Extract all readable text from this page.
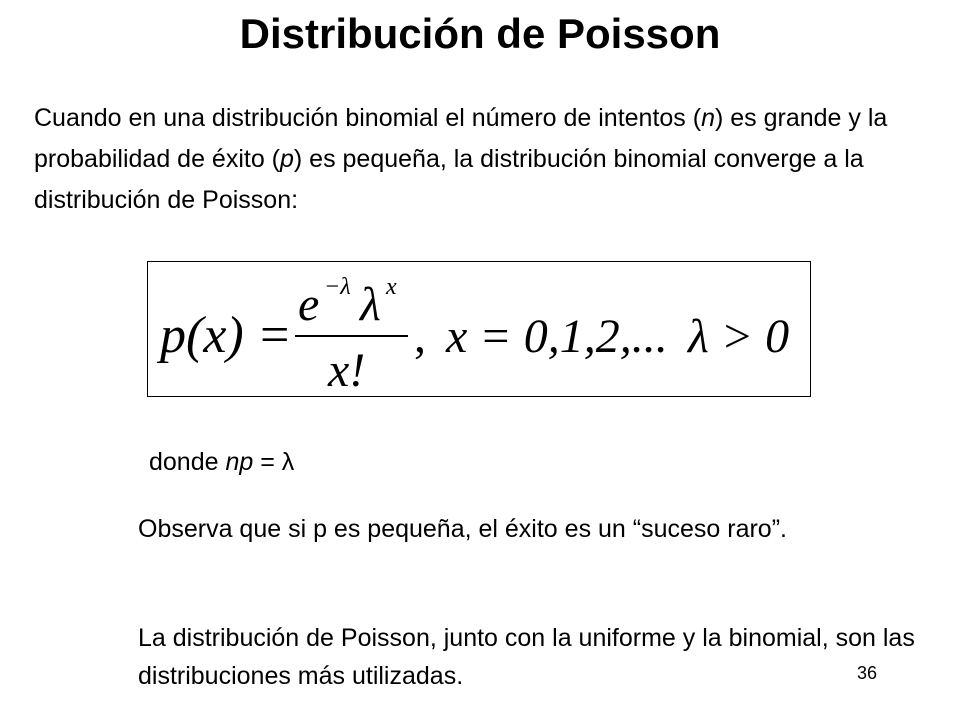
Distribución de Poisson

Cuando en una distribución binomial el número de intentos (n) es grande y la probabilidad de éxito (p) es pequeña, la distribución binomial converge a la distribución de Poisson:

p(x) =
e −λ λ x
x!
, x = 0,1,2,... λ > 0

donde np = λ

Observa que si p es pequeña, el éxito es un “suceso raro”.

La distribución de Poisson, junto con la uniforme y la binomial, son las distribuciones más utilizadas.	36
